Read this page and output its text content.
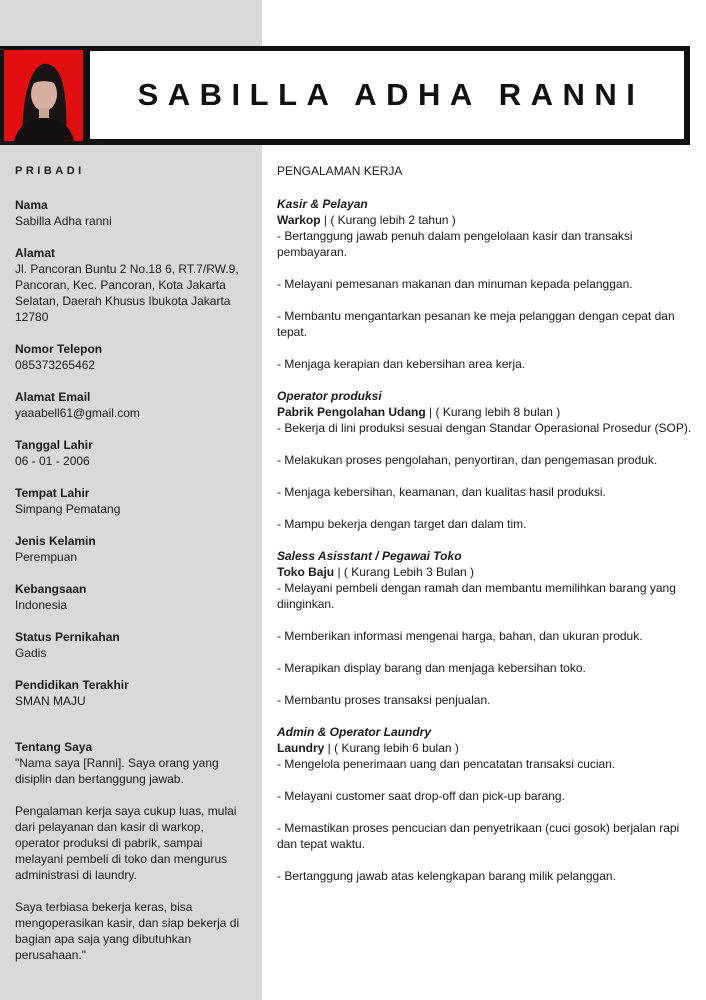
SABILLA ADHA RANNI
PRIBADI
Nama
Sabilla Adha ranni
Alamat
Jl. Pancoran Buntu 2 No.18 6, RT.7/RW.9, Pancoran, Kec. Pancoran, Kota Jakarta Selatan, Daerah Khusus Ibukota Jakarta 12780
Nomor Telepon
085373265462
Alamat Email
yaaabell61@gmail.com
Tanggal Lahir
06 - 01 - 2006
Tempat Lahir
Simpang Pematang
Jenis Kelamin
Perempuan
Kebangsaan
Indonesia
Status Pernikahan
Gadis
Pendidikan Terakhir
SMAN MAJU
Tentang Saya

"Nama saya [Ranni]. Saya orang yang disiplin dan bertanggung jawab.

Pengalaman kerja saya cukup luas, mulai dari pelayanan dan kasir di warkop, operator produksi di pabrik, sampai melayani pembeli di toko dan mengurus administrasi di laundry.

Saya terbiasa bekerja keras, bisa mengoperasikan kasir, dan siap bekerja di bagian apa saja yang dibutuhkan perusahaan."

PENGALAMAN KERJA
Kasir & Pelayan
Warkop | ( Kurang lebih 2 tahun )

- Bertanggung jawab penuh dalam pengelolaan kasir dan transaksi pembayaran.

- Melayani pemesanan makanan dan minuman kepada pelanggan.

- Membantu mengantarkan pesanan ke meja pelanggan dengan cepat dan tepat.

- Menjaga kerapian dan kebersihan area kerja.

Operator produksi
Pabrik Pengolahan Udang | ( Kurang lebih 8 bulan )

- Bekerja di lini produksi sesuai dengan Standar Operasional Prosedur (SOP).

- Melakukan proses pengolahan, penyortiran, dan pengemasan produk.

- Menjaga kebersihan, keamanan, dan kualitas hasil produksi.

- Mampu bekerja dengan target dan dalam tim.

Saless Asisstant / Pegawai Toko
Toko Baju | ( Kurang Lebih 3 Bulan )

- Melayani pembeli dengan ramah dan membantu memilihkan barang yang diinginkan.

- Memberikan informasi mengenai harga, bahan, dan ukuran produk.

- Merapikan display barang dan menjaga kebersihan toko.

- Membantu proses transaksi penjualan.

Admin & Operator Laundry
Laundry | ( Kurang lebih 6 bulan )

- Mengelola penerimaan uang dan pencatatan transaksi cucian.

- Melayani customer saat drop-off dan pick-up barang.

- Memastikan proses pencucian dan penyetrikaan (cuci gosok) berjalan rapi dan tepat waktu.

- Bertanggung jawab atas kelengkapan barang milik pelanggan.
